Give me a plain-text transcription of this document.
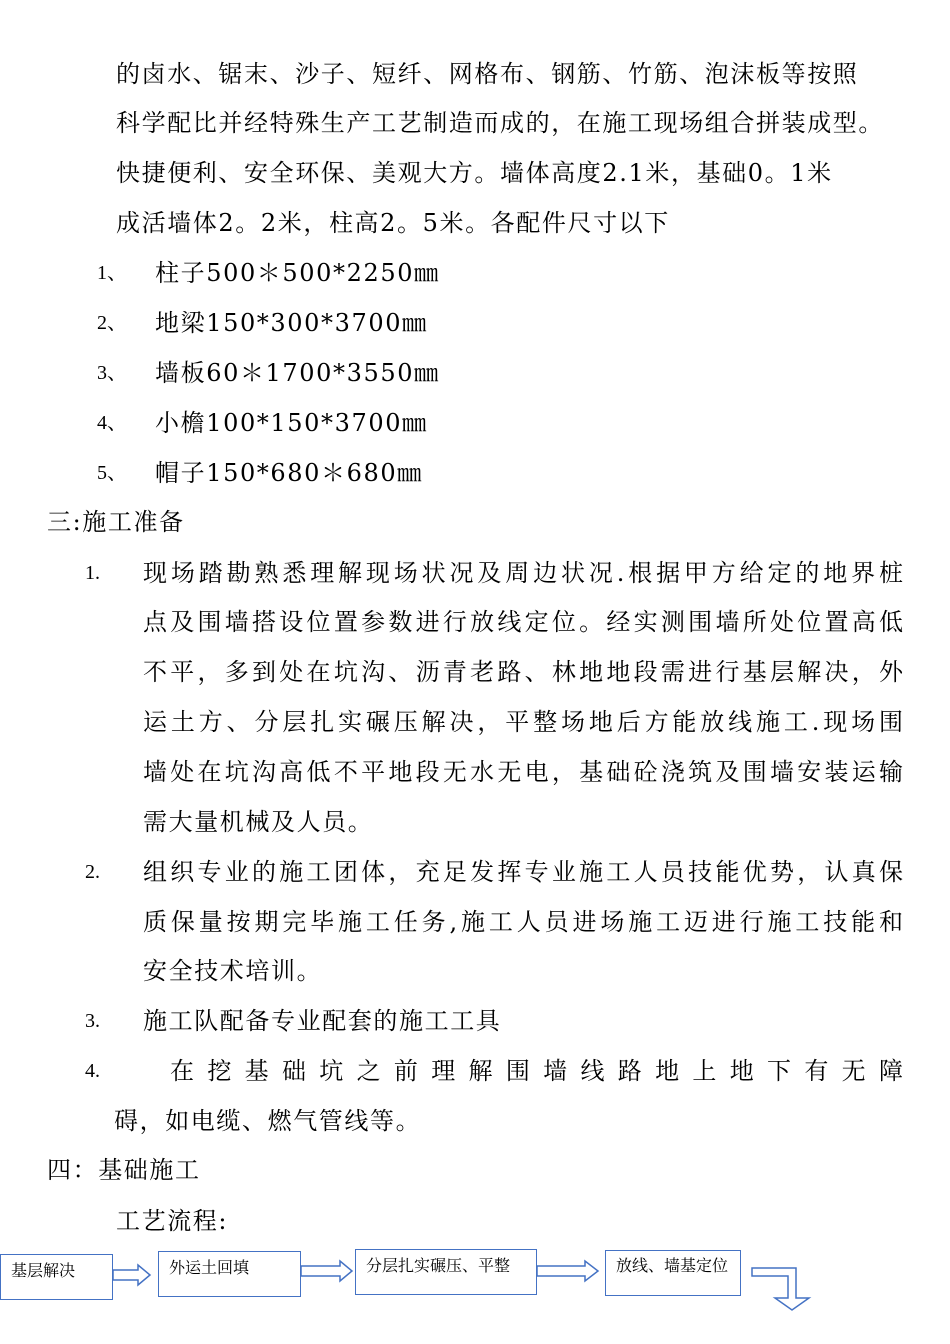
的卤水、锯末、沙子、短纤、网格布、钢筋、竹筋、泡沫板等按照
科学配比并经特殊生产工艺制造而成的，在施工现场组合拼装成型。
快捷便利、安全环保、美观大方。墙体高度2.1米，基础0。1米
成活墙体2。2米，柱高2。5米。各配件尺寸以下
1、 柱子500＊500*2250㎜
2、 地梁150*300*3700㎜
3、 墙板60＊1700*3550㎜
4、 小檐100*150*3700㎜
5、 帽子150*680＊680㎜
三:施工准备
1. 现场踏勘熟悉理解现场状况及周边状况.根据甲方给定的地界桩
点及围墙搭设位置参数进行放线定位。经实测围墙所处位置高低
不平，多到处在坑沟、沥青老路、林地地段需进行基层解决，外
运土方、分层扎实碾压解决，平整场地后方能放线施工.现场围
墙处在坑沟高低不平地段无水无电，基础砼浇筑及围墙安装运输
需大量机械及人员。
2. 组织专业的施工团体，充足发挥专业施工人员技能优势，认真保
质保量按期完毕施工任务,施工人员进场施工迈进行施工技能和
安全技术培训。
3. 施工队配备专业配套的施工工具
4.	在挖基础坑之前理解围墙线路地上地下有无障
碍，如电缆、燃气管线等。
四：基础施工
工艺流程:
基层解决	外运土回填	分层扎实碾压、平整	放线、墙基定位
